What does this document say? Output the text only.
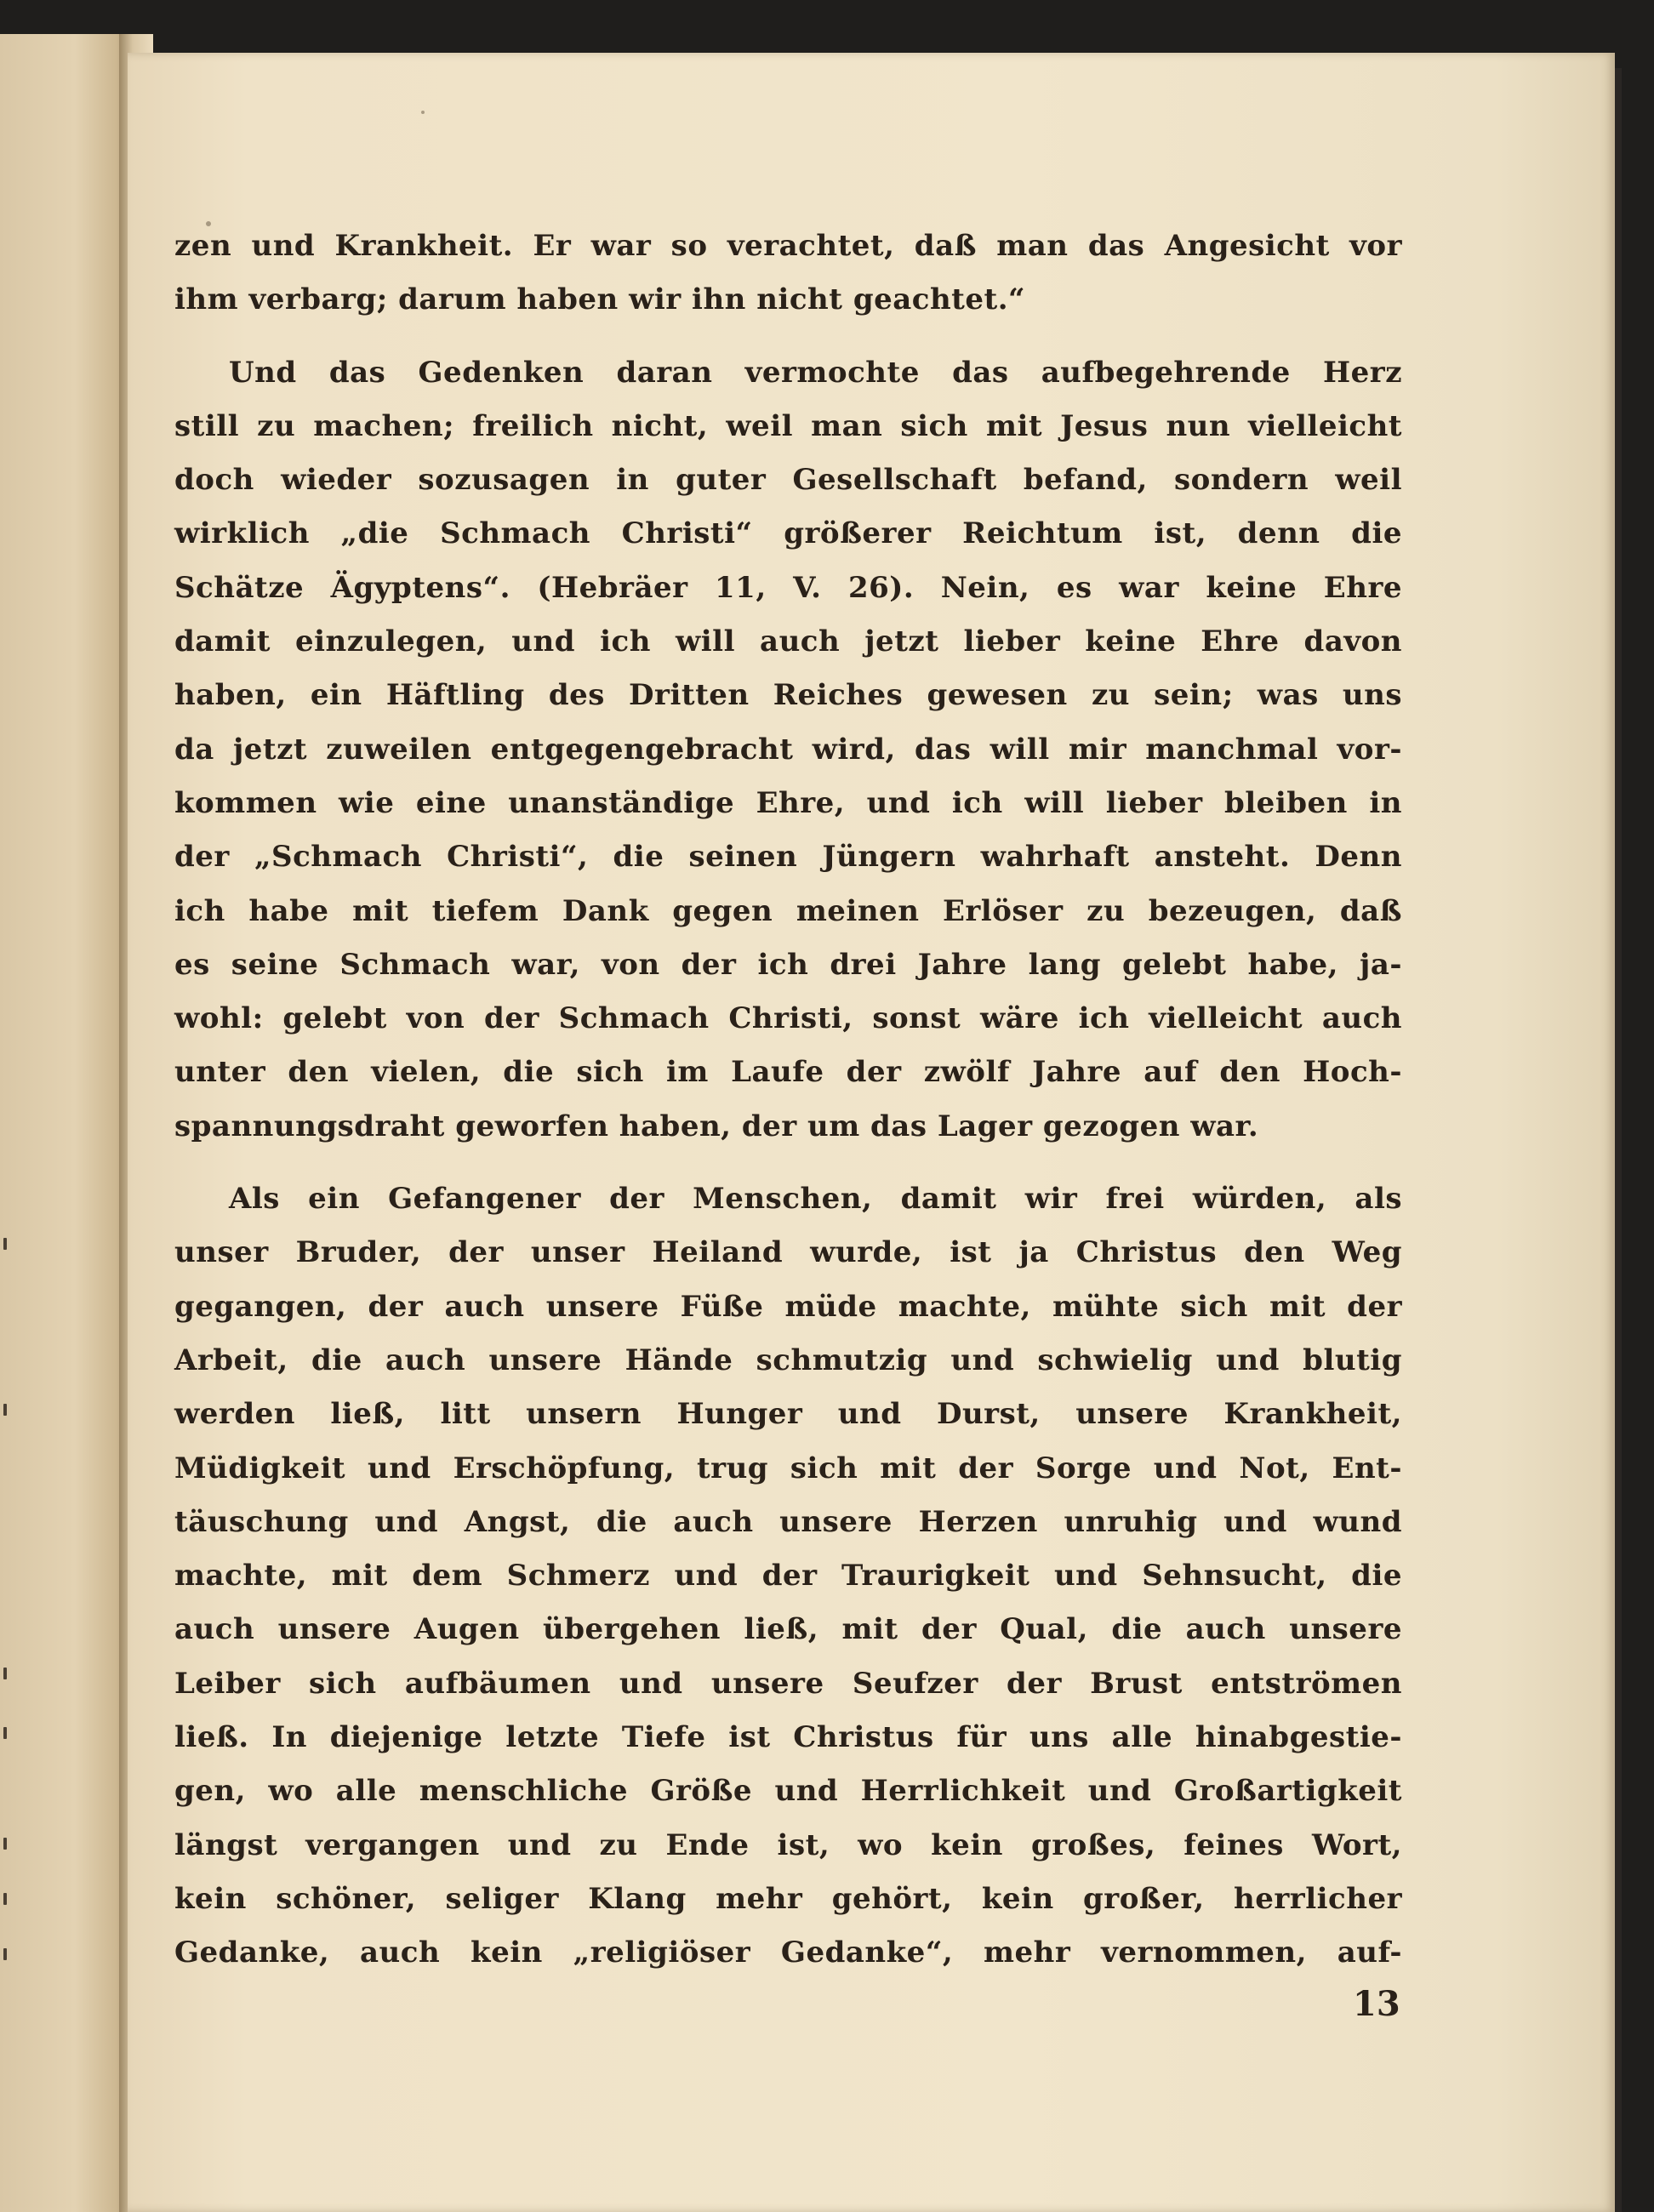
zen und Krankheit. Er war so verachtet, daß man das Angesicht vor
ihm verbarg; darum haben wir ihn nicht geachtet.“
Und das Gedenken daran vermochte das aufbegehrende Herz
still zu machen; freilich nicht, weil man sich mit Jesus nun vielleicht
doch wieder sozusagen in guter Gesellschaft befand, sondern weil
wirklich „die Schmach Christi“ größerer Reichtum ist, denn die
Schätze Ägyptens“. (Hebräer 11, V. 26). Nein, es war keine Ehre
damit einzulegen, und ich will auch jetzt lieber keine Ehre davon
haben, ein Häftling des Dritten Reiches gewesen zu sein; was uns
da jetzt zuweilen entgegengebracht wird, das will mir manchmal vor-
kommen wie eine unanständige Ehre, und ich will lieber bleiben in
der „Schmach Christi“, die seinen Jüngern wahrhaft ansteht. Denn
ich habe mit tiefem Dank gegen meinen Erlöser zu bezeugen, daß
es seine Schmach war, von der ich drei Jahre lang gelebt habe, ja-
wohl: gelebt von der Schmach Christi, sonst wäre ich vielleicht auch
unter den vielen, die sich im Laufe der zwölf Jahre auf den Hoch-
spannungsdraht geworfen haben, der um das Lager gezogen war.
Als ein Gefangener der Menschen, damit wir frei würden, als
unser Bruder, der unser Heiland wurde, ist ja Christus den Weg
gegangen, der auch unsere Füße müde machte, mühte sich mit der
Arbeit, die auch unsere Hände schmutzig und schwielig und blutig
werden ließ, litt unsern Hunger und Durst, unsere Krankheit,
Müdigkeit und Erschöpfung, trug sich mit der Sorge und Not, Ent-
täuschung und Angst, die auch unsere Herzen unruhig und wund
machte, mit dem Schmerz und der Traurigkeit und Sehnsucht, die
auch unsere Augen übergehen ließ, mit der Qual, die auch unsere
Leiber sich aufbäumen und unsere Seufzer der Brust entströmen
ließ. In diejenige letzte Tiefe ist Christus für uns alle hinabgestie-
gen, wo alle menschliche Größe und Herrlichkeit und Großartigkeit
längst vergangen und zu Ende ist, wo kein großes, feines Wort,
kein schöner, seliger Klang mehr gehört, kein großer, herrlicher
Gedanke, auch kein „religiöser Gedanke“, mehr vernommen, auf-
13
